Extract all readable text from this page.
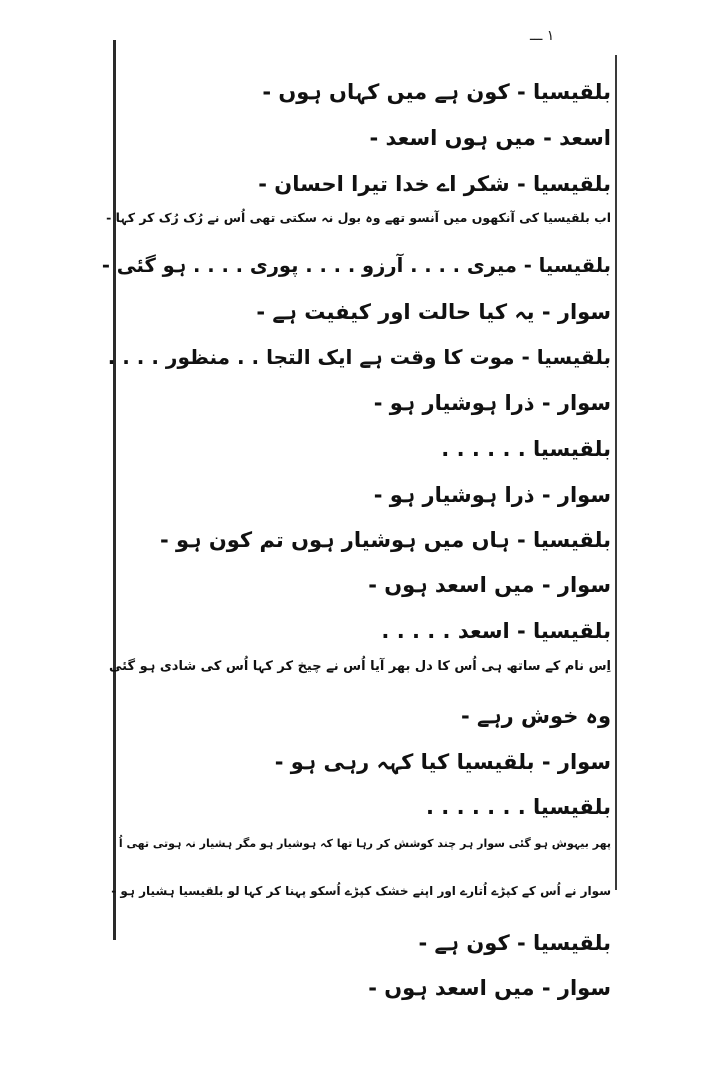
١ ـــ
بلقیسیا - کون ہے میں کہاں ہوں -
اسعد - میں ہوں اسعد -
بلقیسیا - شکر اے خدا تیرا احسان -
اب بلقیسیا کی آنکھوں میں آنسو تھے وہ بول نہ سکتی تھی اُس نے رُک رُک کر کہا -
بلقیسیا - میری . . . . آرزو . . . . پوری . . . . ہو گئی -
سوار - یہ کیا حالت اور کیفیت ہے -
بلقیسیا - موت کا وقت ہے ایک التجا . . منظور . . . .
سوار - ذرا ہوشیار ہو -
بلقیسیا . . . . . .
سوار - ذرا ہوشیار ہو -
بلقیسیا - ہاں میں ہوشیار ہوں تم کون ہو -
سوار - میں اسعد ہوں -
بلقیسیا - اسعد . . . . .
اِس نام کے ساتھ ہی اُس کا دل بھر آیا اُس نے چیخ کر کہا اُس کی شادی ہو گئی
وہ خوش رہے -
سوار - بلقیسیا کیا کہہ رہی ہو -
بلقیسیا . . . . . . .
پھر بیہوش ہو گئی سوار ہر چند کوشش کر رہا تھا کہ ہوشیار ہو مگر ہشیار نہ ہوتی تھی اُ
سوار نے اُس کے کپڑے اُتارے اور اپنے خشک کپڑے اُسکو پہنا کر کہا لو بلقیسیا ہشیار ہو -
بلقیسیا - کون ہے -
سوار - میں اسعد ہوں -
